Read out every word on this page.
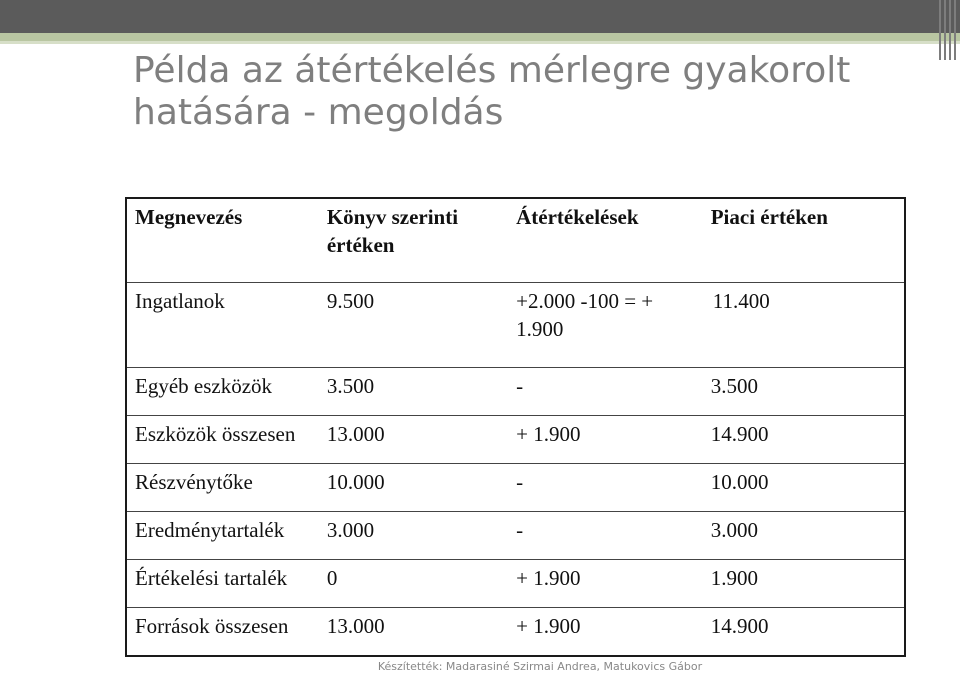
Példa az átértékelés mérlegre gyakorolt hatására - megoldás
Megnevezés	Könyv szerinti értéken	Átértékelések	Piaci értéken
Ingatlanok	9.500	+2.000 -100 = + 1.900	11.400
Egyéb eszközök	3.500	-	3.500
Eszközök összesen	13.000	+ 1.900	14.900
Részvénytőke	10.000	-	10.000
Eredménytartalék	3.000	-	3.000
Értékelési tartalék	0	+ 1.900	1.900
Források összesen	13.000	+ 1.900	14.900
Készítették: Madarasiné Szirmai Andrea, Matukovics Gábor
